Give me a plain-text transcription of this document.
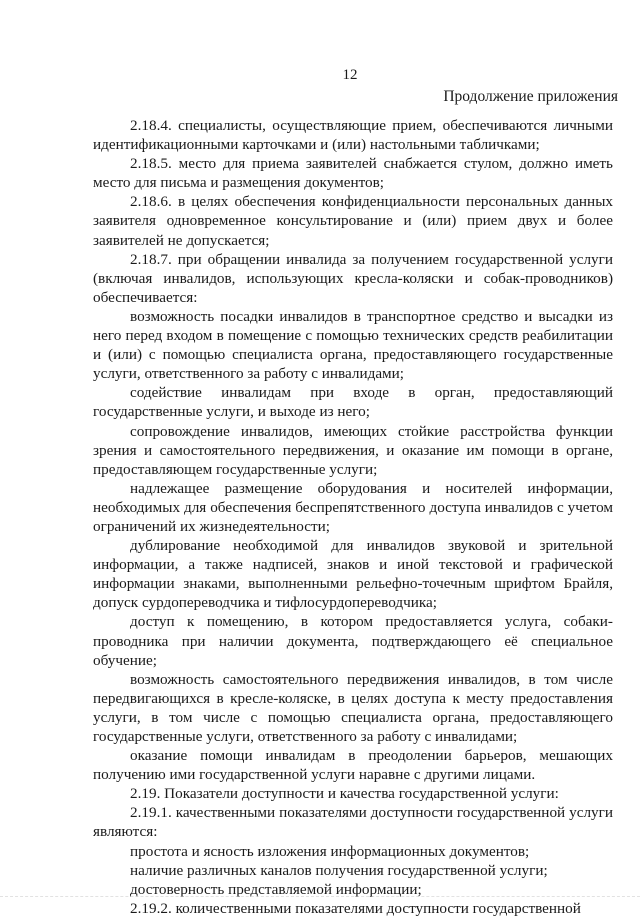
12
Продолжение приложения

2.18.4. специалисты, осуществляющие прием, обеспечиваются личными идентификационными карточками и (или) настольными табличками;

2.18.5. место для приема заявителей снабжается стулом, должно иметь место для письма и размещения документов;

2.18.6. в целях обеспечения конфиденциальности персональных данных заявителя одновременное консультирование и (или) прием двух и более заявителей не допускается;

2.18.7. при обращении инвалида за получением государственной услуги (включая инвалидов, использующих кресла-коляски и собак-проводников) обеспечивается:

возможность посадки инвалидов в транспортное средство и высадки из него перед входом в помещение с помощью технических средств реабилитации и (или) с помощью специалиста органа, предоставляющего государственные услуги, ответственного за работу с инвалидами;

содействие инвалидам при входе в орган, предоставляющий государственные услуги, и выходе из него;

сопровождение инвалидов, имеющих стойкие расстройства функции зрения и самостоятельного передвижения, и оказание им помощи в органе, предоставляющем государственные услуги;

надлежащее размещение оборудования и носителей информации, необходимых для обеспечения беспрепятственного доступа инвалидов с учетом ограничений их жизнедеятельности;

дублирование необходимой для инвалидов звуковой и зрительной информации, а также надписей, знаков и иной текстовой и графической информации знаками, выполненными рельефно-точечным шрифтом Брайля, допуск сурдопереводчика и тифлосурдопереводчика;

доступ к помещению, в котором предоставляется услуга, собаки-проводника при наличии документа, подтверждающего её специальное обучение;

возможность самостоятельного передвижения инвалидов, в том числе передвигающихся в кресле-коляске, в целях доступа к месту предоставления услуги, в том числе с помощью специалиста органа, предоставляющего государственные услуги, ответственного за работу с инвалидами;

оказание помощи инвалидам в преодолении барьеров, мешающих получению ими государственной услуги наравне с другими лицами.

2.19. Показатели доступности и качества государственной услуги:

2.19.1. качественными показателями доступности государственной услуги являются:

простота и ясность изложения информационных документов;

наличие различных каналов получения государственной услуги;

достоверность представляемой информации;

2.19.2. количественными показателями доступности государственной
